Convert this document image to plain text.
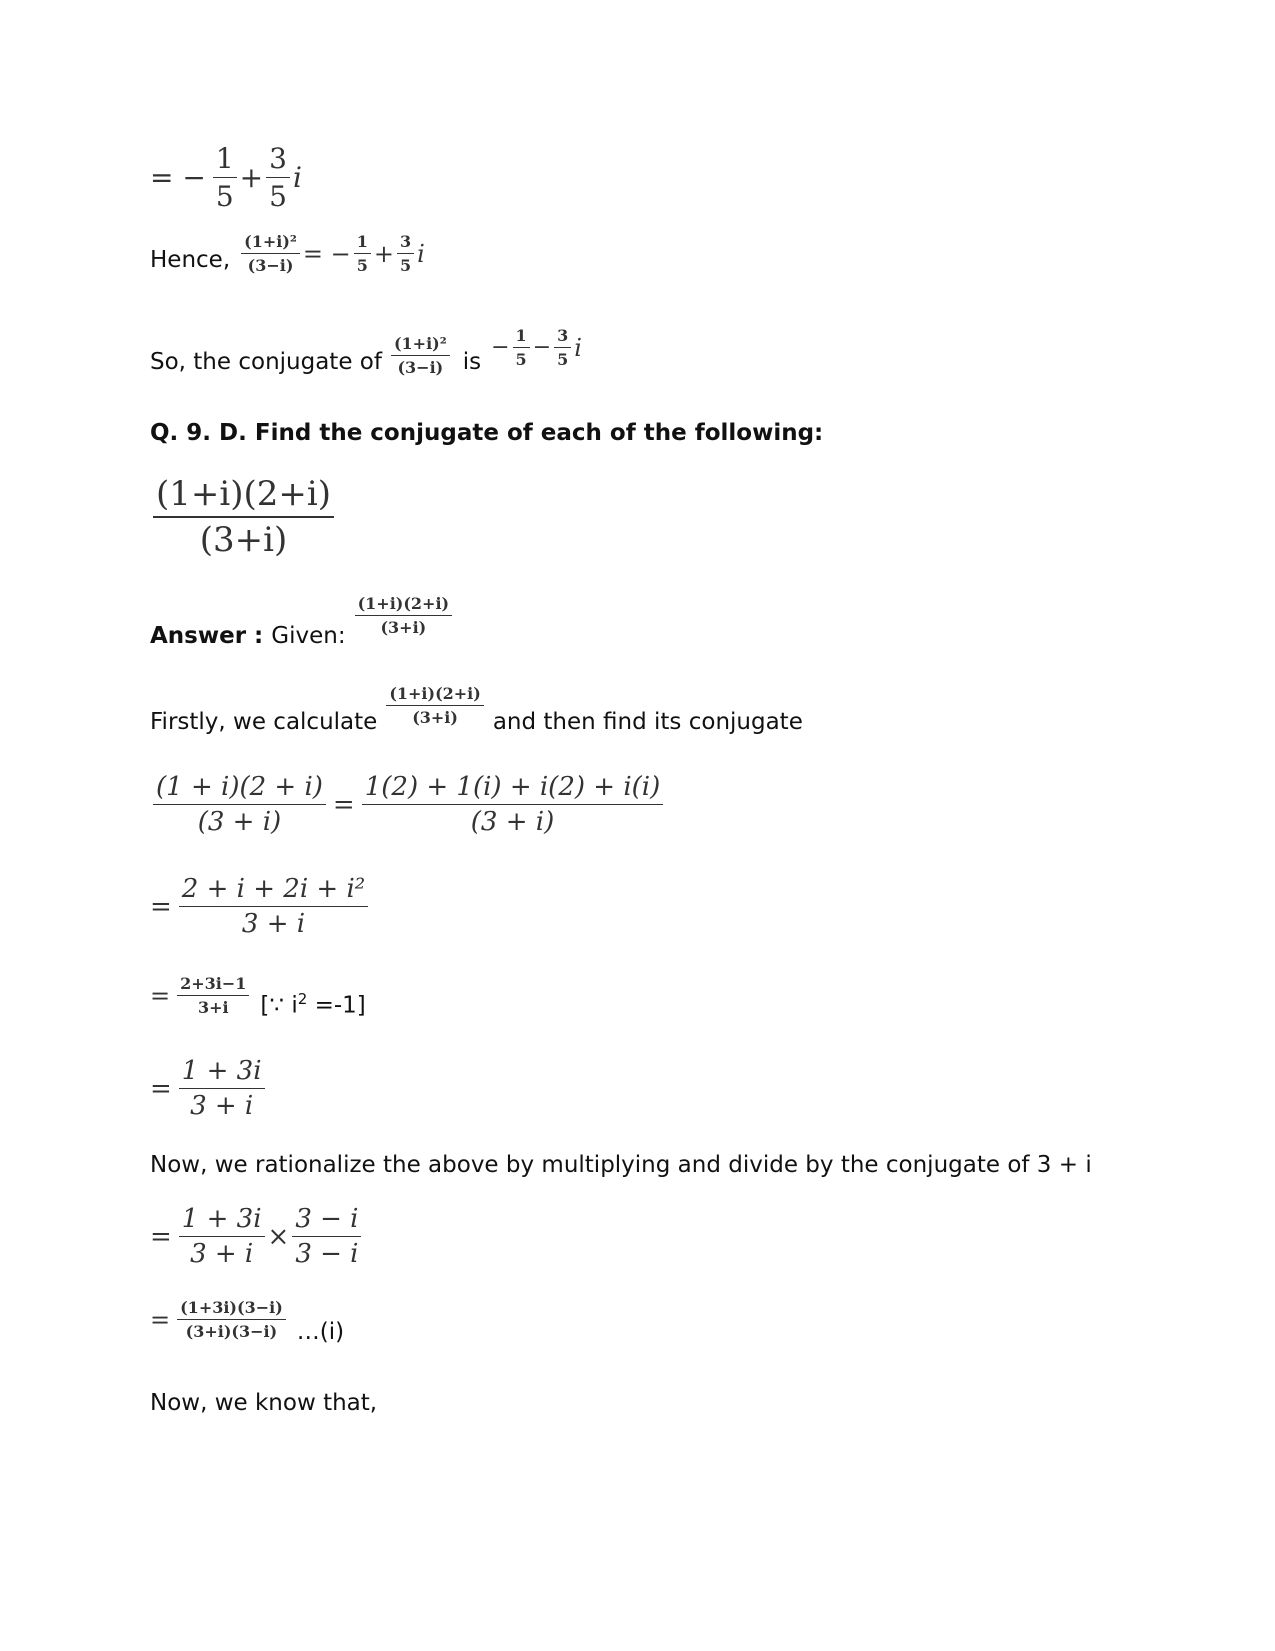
= − $\frac{1}{5} + \frac{3}{5}$ i
Hence, $\frac{\text{(1+i)²}}{(3-i)}$ = − $\frac{1}{5} + \frac{3}{5}$ i
So, the conjugate of $\frac{\text{(1+i)²}}{(3-i)}$ is
− $\frac{1}{5} - \frac{3}{5}$ i
Q. 9. D. Find the conjugate of each of the following:
$\frac{(1+i)(2+i)}{(3+i)}$
Answer : Given: $\frac{(1+i)(2+i)}{(3+i)}$
Firstly, we calculate $\frac{(1+i)(2+i)}{(3+i)}$ and then find its conjugate
$\frac{(1 + i)(2 + i)}{(3 + i)} = \frac{1(2) + 1(i) + i(2) + i(i)}{(3 + i)}$
= $\frac{\text{2 + i + 2i + i²}}{3 + i}$
= $\frac{2+3i-1}{3+i}$ [∵ $i^2 =-1$]
= $\frac{1 + 3i}{3 + i}$
Now, we rationalize the above by multiplying and divide by the conjugate of 3 + i
= $\frac{1 + 3i}{3 + i} \times \frac{3 - i}{3 - i}$
= $\frac{(1+3i)(3-i)}{(3+i)(3-i)}$ …(i)
Now, we know that,
